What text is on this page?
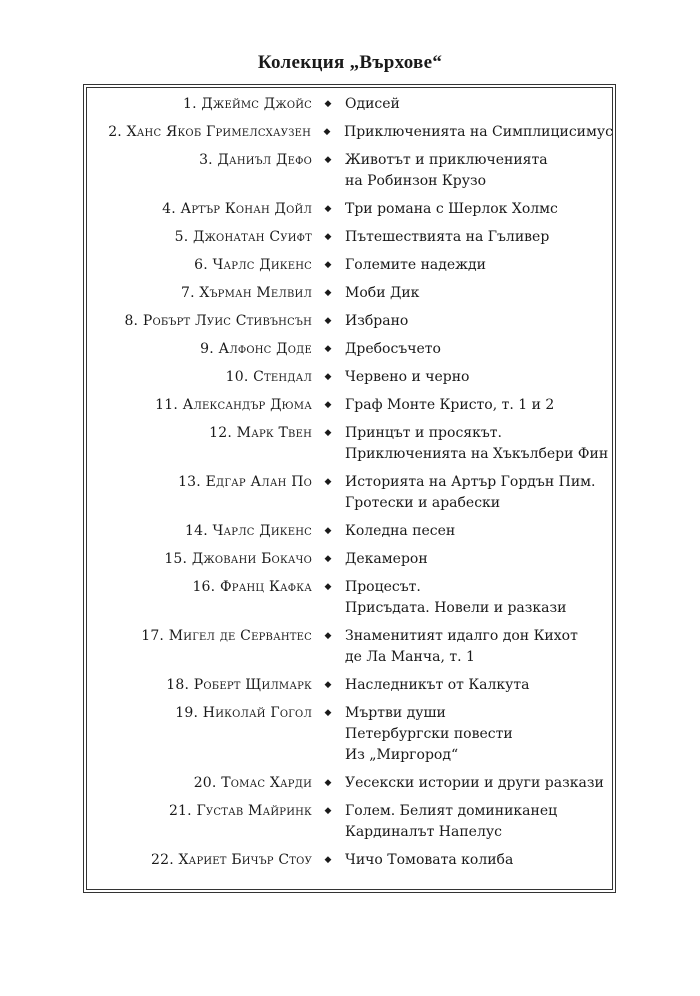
Колекция „Върхове“
1. Джеймс Джойс	◆ Одисей
2. Ханс Якоб Гримелсхаузен	◆ Приключенията на Симплицисимус
3. Даниъл Дефо	◆ Животът и приключенията
на Робинзон Крузо
4. Артър Конан Дойл	◆ Три романа с Шерлок Холмс
5. Джонатан Суифт	◆ Пътешествията на Гъливер
6. Чарлс Дикенс	◆ Големите надежди
7. Хърман Мелвил	◆ Моби Дик
8. Робърт Луис Стивънсън	◆ Избрано
9. Алфонс Доде	◆ Дребосъчето
10. Стендал	◆ Червено и черно
11. Александър Дюма	◆ Граф Монте Кристо, т. 1 и 2
12. Марк Твен	◆ Принцът и просякът.
Приключенията на Хъкълбери Фин
13. Едгар Алан По	◆ Историята на Артър Гордън Пим.
Гротески и арабески
14. Чарлс Дикенс	◆ Коледна песен
15. Джовани Бокачо	◆ Декамерон
16. Франц Кафка	◆ Процесът.
Присъдата. Новели и разкази
17. Мигел де Сервантес	◆ Знаменитият идалго дон Кихот
де Ла Манча, т. 1
18. Роберт Щилмарк	◆ Наследникът от Калкута
19. Николай Гогол	◆ Мъртви души
Петербургски повести
Из „Миргород“
20. Томас Харди	◆ Уесекски истории и други разкази
21. Густав Майринк	◆ Голем. Белият доминиканец
Кардиналът Напелус
22. Хариет Бичър Стоу	◆ Чичо Томовата колиба
